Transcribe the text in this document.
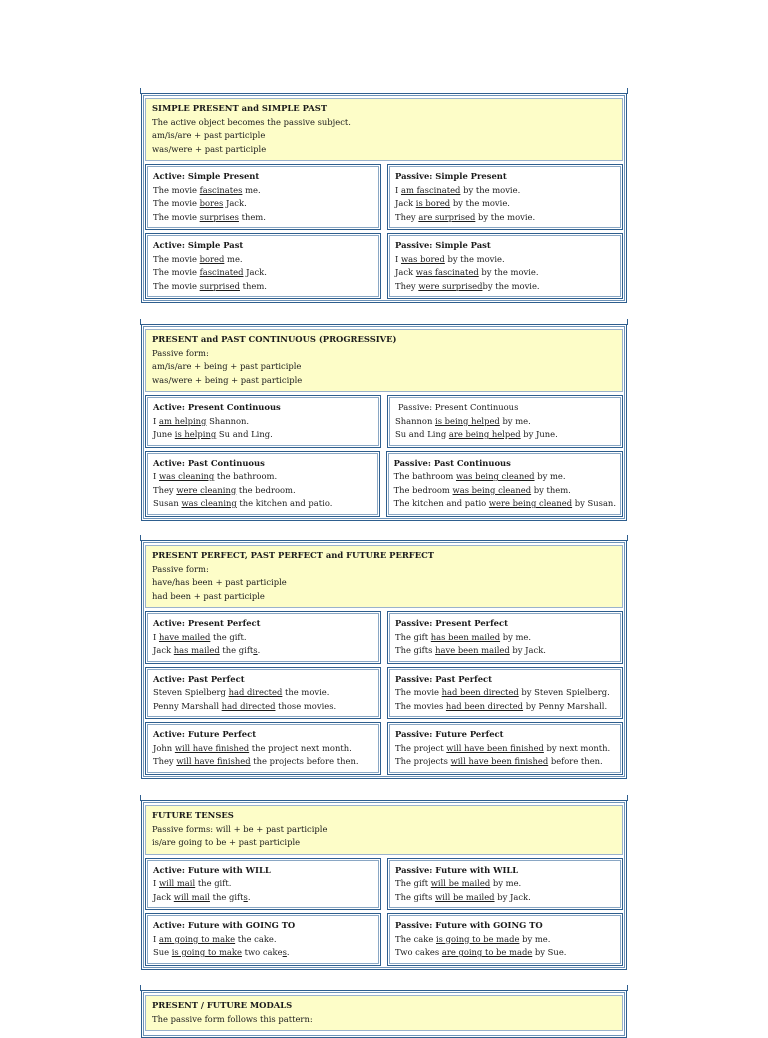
SIMPLE PRESENT and SIMPLE PAST
The active object becomes the passive subject.
am/is/are + past participle
was/were + past participle
Active: Simple Present
The movie fascinates me.
The movie bores Jack.
The movie surprises them.
Passive: Simple Present
I am fascinated by the movie.
Jack is bored by the movie.
They are surprised by the movie.
Active: Simple Past
The movie bored me.
The movie fascinated Jack.
The movie surprised them.
Passive: Simple Past
I was bored by the movie.
Jack was fascinated by the movie.
They were surprisedby the movie.
PRESENT and PAST CONTINUOUS (PROGRESSIVE)
Passive form:
am/is/are + being + past participle
was/were + being + past participle
Active: Present Continuous
I am helping Shannon.
June is helping Su and Ling.
Passive: Present Continuous
Shannon is being helped by me.
Su and Ling are being helped by June.
Active: Past Continuous
I was cleaning the bathroom.
They were cleaning the bedroom.
Susan was cleaning the kitchen and patio.
Passive: Past Continuous
The bathroom was being cleaned by me.
The bedroom was being cleaned by them.
The kitchen and patio were being cleaned by Susan.
PRESENT PERFECT, PAST PERFECT and FUTURE PERFECT
Passive form:
have/has been + past participle
had been + past participle
Active: Present Perfect
I have mailed the gift.
Jack has mailed the gifts.
Passive: Present Perfect
The gift has been mailed by me.
The gifts have been mailed by Jack.
Active: Past Perfect
Steven Spielberg had directed the movie.
Penny Marshall had directed those movies.
Passive: Past Perfect
The movie had been directed by Steven Spielberg.
The movies had been directed by Penny Marshall.
Active: Future Perfect
John will have finished the project next month.
They will have finished the projects before then.
Passive: Future Perfect
The project will have been finished by next month.
The projects will have been finished before then.
FUTURE TENSES
Passive forms: will + be + past participle
is/are going to be + past participle
Active: Future with WILL
I will mail the gift.
Jack will mail the gifts.
Passive: Future with WILL
The gift will be mailed by me.
The gifts will be mailed by Jack.
Active: Future with GOING TO
I am going to make the cake.
Sue is going to make two cakes.
Passive: Future with GOING TO
The cake is going to be made by me.
Two cakes are going to be made by Sue.
PRESENT / FUTURE MODALS
The passive form follows this pattern:
